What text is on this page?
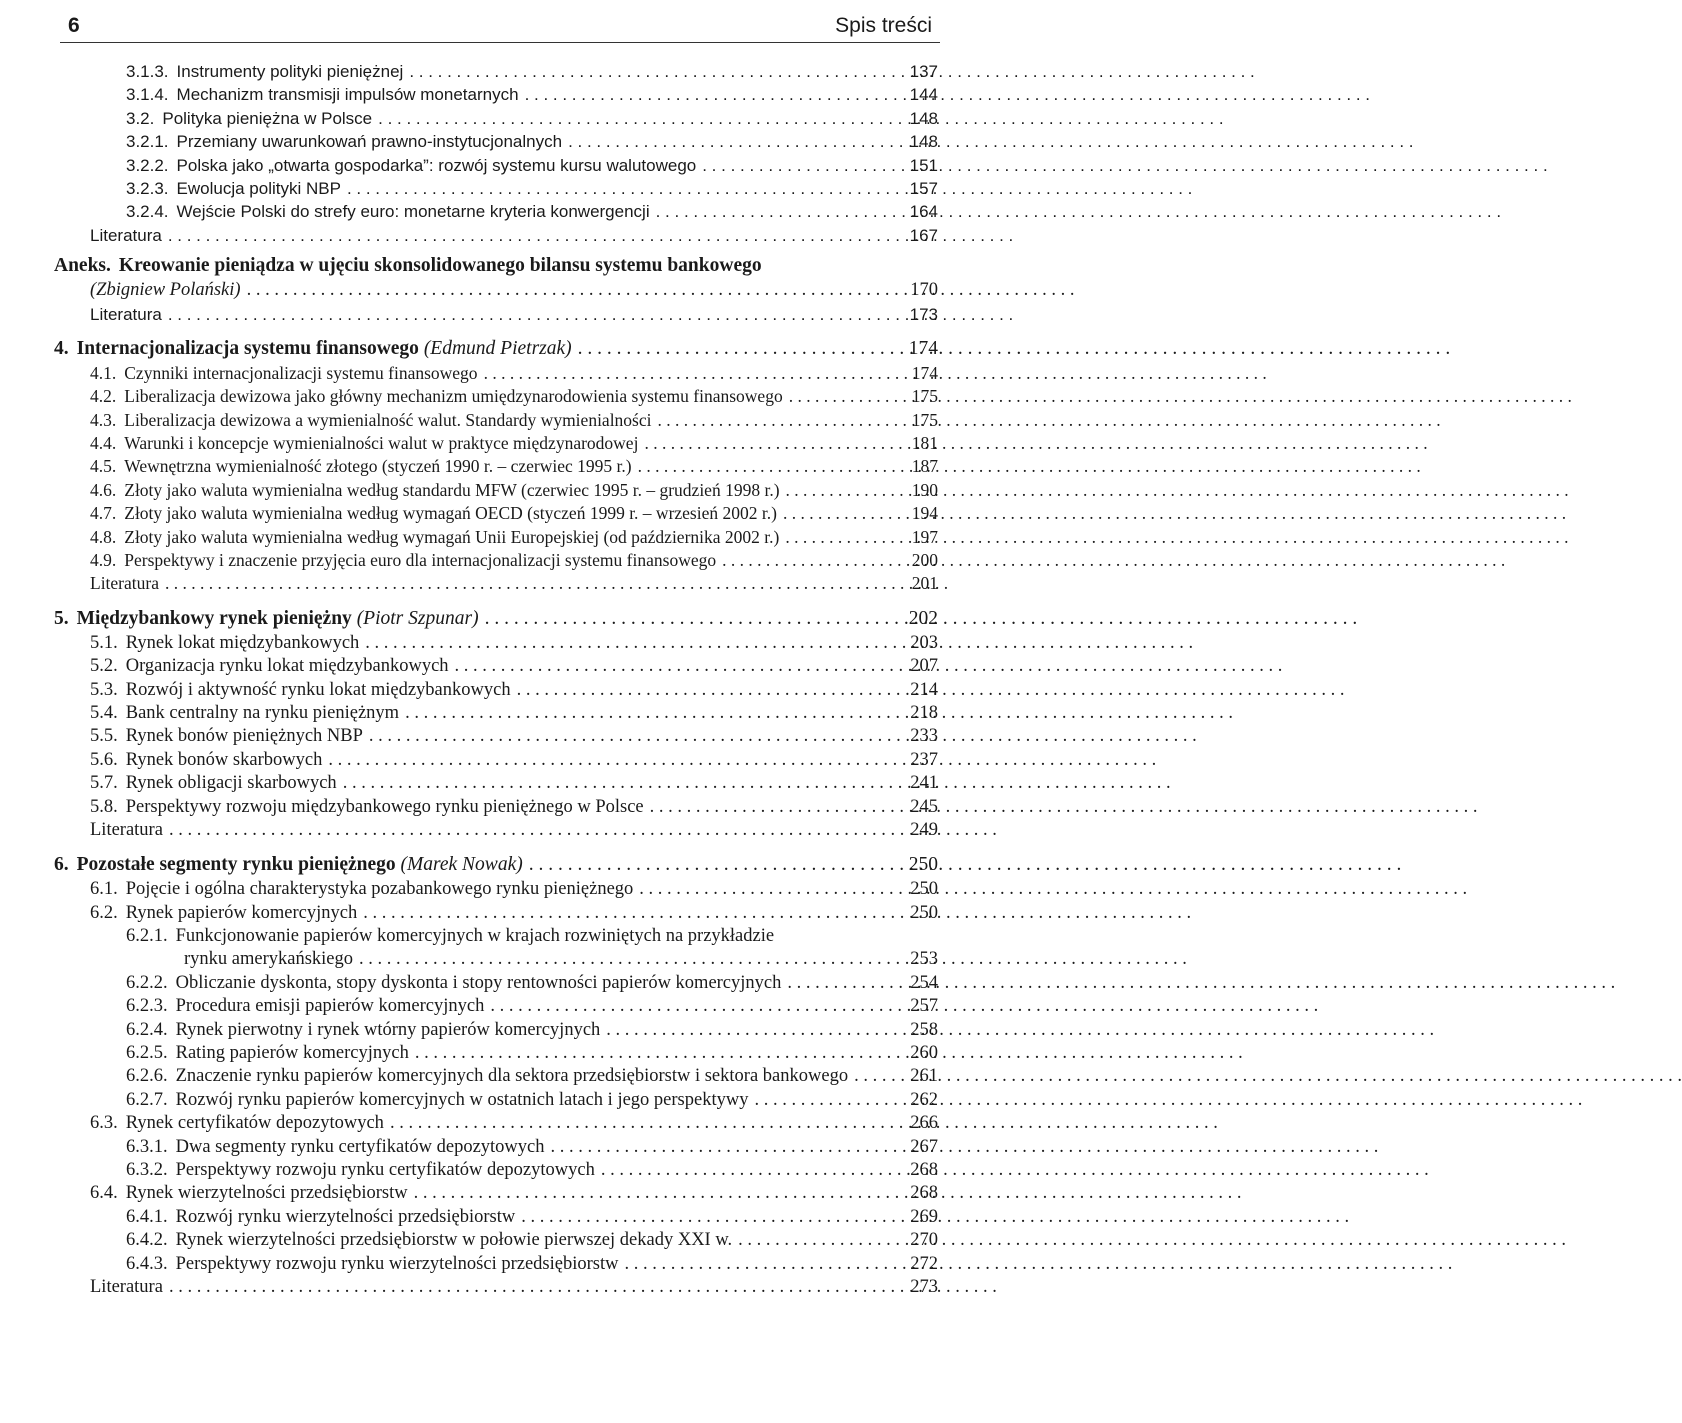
6	Spis treści
3.1.3. Instrumenty polityki pieniężnej . . .	137
3.1.4. Mechanizm transmisji impulsów monetarnych . . .	144
3.2. Polityka pieniężna w Polsce . . .	148
3.2.1. Przemiany uwarunkowań prawno-instytucjonalnych . . .	148
3.2.2. Polska jako „otwarta gospodarka”: rozwój systemu kursu walutowego . . .	151
3.2.3. Ewolucja polityki NBP . . .	157
3.2.4. Wejście Polski do strefy euro: monetarne kryteria konwergencji . . .	164
Literatura . . .	167
Aneks. Kreowanie pieniądza w ujęciu skonsolidowanego bilansu systemu bankowego
(Zbigniew Polański) . . .	170
Literatura . . .	173
4. Internacjonalizacja systemu finansowego (Edmund Pietrzak) . . .	174
4.1. Czynniki internacjonalizacji systemu finansowego . . .	174
4.2. Liberalizacja dewizowa jako główny mechanizm umiędzynarodowienia systemu finansowego . . .	175
4.3. Liberalizacja dewizowa a wymienialność walut. Standardy wymienialności . . .	175
4.4. Warunki i koncepcje wymienialności walut w praktyce międzynarodowej . . .	181
4.5. Wewnętrzna wymienialność złotego (styczeń 1990 r. – czerwiec 1995 r.) . . .	187
4.6. Złoty jako waluta wymienialna według standardu MFW (czerwiec 1995 r. – grudzień 1998 r.) . . .	190
4.7. Złoty jako waluta wymienialna według wymagań OECD (styczeń 1999 r. – wrzesień 2002 r.) . . .	194
4.8. Złoty jako waluta wymienialna według wymagań Unii Europejskiej (od października 2002 r.) . . .	197
4.9. Perspektywy i znaczenie przyjęcia euro dla internacjonalizacji systemu finansowego . . .	200
Literatura . . .	201
5. Międzybankowy rynek pieniężny (Piotr Szpunar) . . .	202
5.1. Rynek lokat międzybankowych . . .	203
5.2. Organizacja rynku lokat międzybankowych . . .	207
5.3. Rozwój i aktywność rynku lokat międzybankowych . . .	214
5.4. Bank centralny na rynku pieniężnym . . .	218
5.5. Rynek bonów pieniężnych NBP . . .	233
5.6. Rynek bonów skarbowych . . .	237
5.7. Rynek obligacji skarbowych . . .	241
5.8. Perspektywy rozwoju międzybankowego rynku pieniężnego w Polsce . . .	245
Literatura . . .	249
6. Pozostałe segmenty rynku pieniężnego (Marek Nowak) . . .	250
6.1. Pojęcie i ogólna charakterystyka pozabankowego rynku pieniężnego . . .	250
6.2. Rynek papierów komercyjnych . . .	250
6.2.1. Funkcjonowanie papierów komercyjnych w krajach rozwiniętych na przykładzie
rynku amerykańskiego . . .	253
6.2.2. Obliczanie dyskonta, stopy dyskonta i stopy rentowności papierów komercyjnych . . .	254
6.2.3. Procedura emisji papierów komercyjnych . . .	257
6.2.4. Rynek pierwotny i rynek wtórny papierów komercyjnych . . .	258
6.2.5. Rating papierów komercyjnych . . .	260
6.2.6. Znaczenie rynku papierów komercyjnych dla sektora przedsiębiorstw i sektora bankowego . . .	261
6.2.7. Rozwój rynku papierów komercyjnych w ostatnich latach i jego perspektywy . . .	262
6.3. Rynek certyfikatów depozytowych . . .	266
6.3.1. Dwa segmenty rynku certyfikatów depozytowych . . .	267
6.3.2. Perspektywy rozwoju rynku certyfikatów depozytowych . . .	268
6.4. Rynek wierzytelności przedsiębiorstw . . .	268
6.4.1. Rozwój rynku wierzytelności przedsiębiorstw . . .	269
6.4.2. Rynek wierzytelności przedsiębiorstw w połowie pierwszej dekady XXI w. . . .	270
6.4.3. Perspektywy rozwoju rynku wierzytelności przedsiębiorstw . . .	272
Literatura . . .	273
